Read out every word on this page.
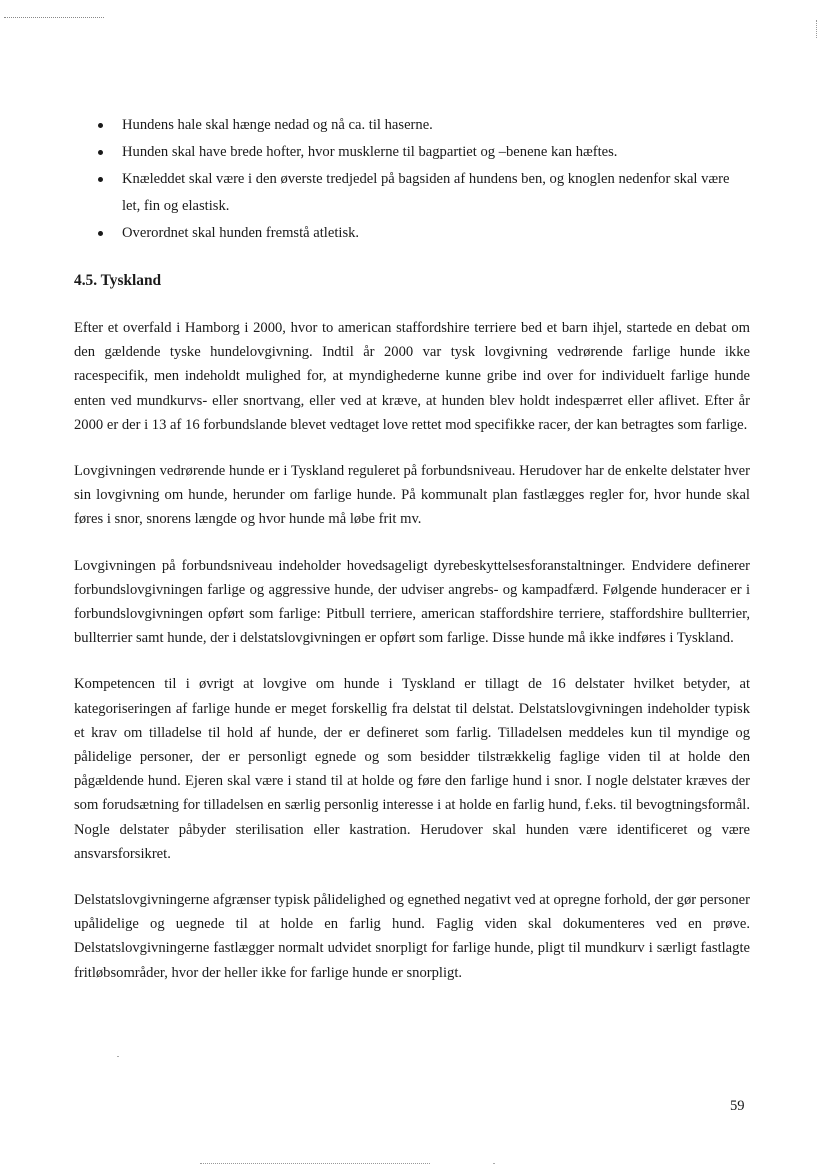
Hundens hale skal hænge nedad og nå ca. til haserne.
Hunden skal have brede hofter, hvor musklerne til bagpartiet og –benene kan hæftes.
Knæleddet skal være i den øverste tredjedel på bagsiden af hundens ben, og knoglen nedenfor skal være let, fin og elastisk.
Overordnet skal hunden fremstå atletisk.
4.5. Tyskland

Efter et overfald i Hamborg i 2000, hvor to american staffordshire terriere bed et barn ihjel, startede en debat om den gældende tyske hundelovgivning. Indtil år 2000 var tysk lovgivning vedrørende farlige hunde ikke racespecifik, men indeholdt mulighed for, at myndighederne kunne gribe ind over for individuelt farlige hunde enten ved mundkurvs- eller snortvang, eller ved at kræve, at hunden blev holdt indespærret eller aflivet. Efter år 2000 er der i 13 af 16 forbundslande blevet vedtaget love rettet mod specifikke racer, der kan betragtes som farlige.

Lovgivningen vedrørende hunde er i Tyskland reguleret på forbundsniveau. Herudover har de enkelte delstater hver sin lovgivning om hunde, herunder om farlige hunde. På kommunalt plan fastlægges regler for, hvor hunde skal føres i snor, snorens længde og hvor hunde må løbe frit mv.

Lovgivningen på forbundsniveau indeholder hovedsageligt dyrebeskyttelsesforanstaltninger. Endvidere definerer forbundslovgivningen farlige og aggressive hunde, der udviser angrebs- og kampadfærd. Følgende hunderacer er i forbundslovgivningen opført som farlige: Pitbull terriere, american staffordshire terriere, staffordshire bullterrier, bullterrier samt hunde, der i delstatslovgivningen er opført som farlige. Disse hunde må ikke indføres i Tyskland.

Kompetencen til i øvrigt at lovgive om hunde i Tyskland er tillagt de 16 delstater hvilket betyder, at kategoriseringen af farlige hunde er meget forskellig fra delstat til delstat. Delstatslovgivningen indeholder typisk et krav om tilladelse til hold af hunde, der er defineret som farlig. Tilladelsen meddeles kun til myndige og pålidelige personer, der er personligt egnede og som besidder tilstrækkelig faglige viden til at holde den pågældende hund. Ejeren skal være i stand til at holde og føre den farlige hund i snor. I nogle delstater kræves der som forudsætning for tilladelsen en særlig personlig interesse i at holde en farlig hund, f.eks. til bevogtningsformål. Nogle delstater påbyder sterilisation eller kastration. Herudover skal hunden være identificeret og være ansvarsforsikret.

Delstatslovgivningerne afgrænser typisk pålidelighed og egnethed negativt ved at opregne forhold, der gør personer upålidelige og uegnede til at holde en farlig hund. Faglig viden skal dokumenteres ved en prøve. Delstatslovgivningerne fastlægger normalt udvidet snorpligt for farlige hunde, pligt til mundkurv i særligt fastlagte fritløbsområder, hvor der heller ikke for farlige hunde er snorpligt.

59
